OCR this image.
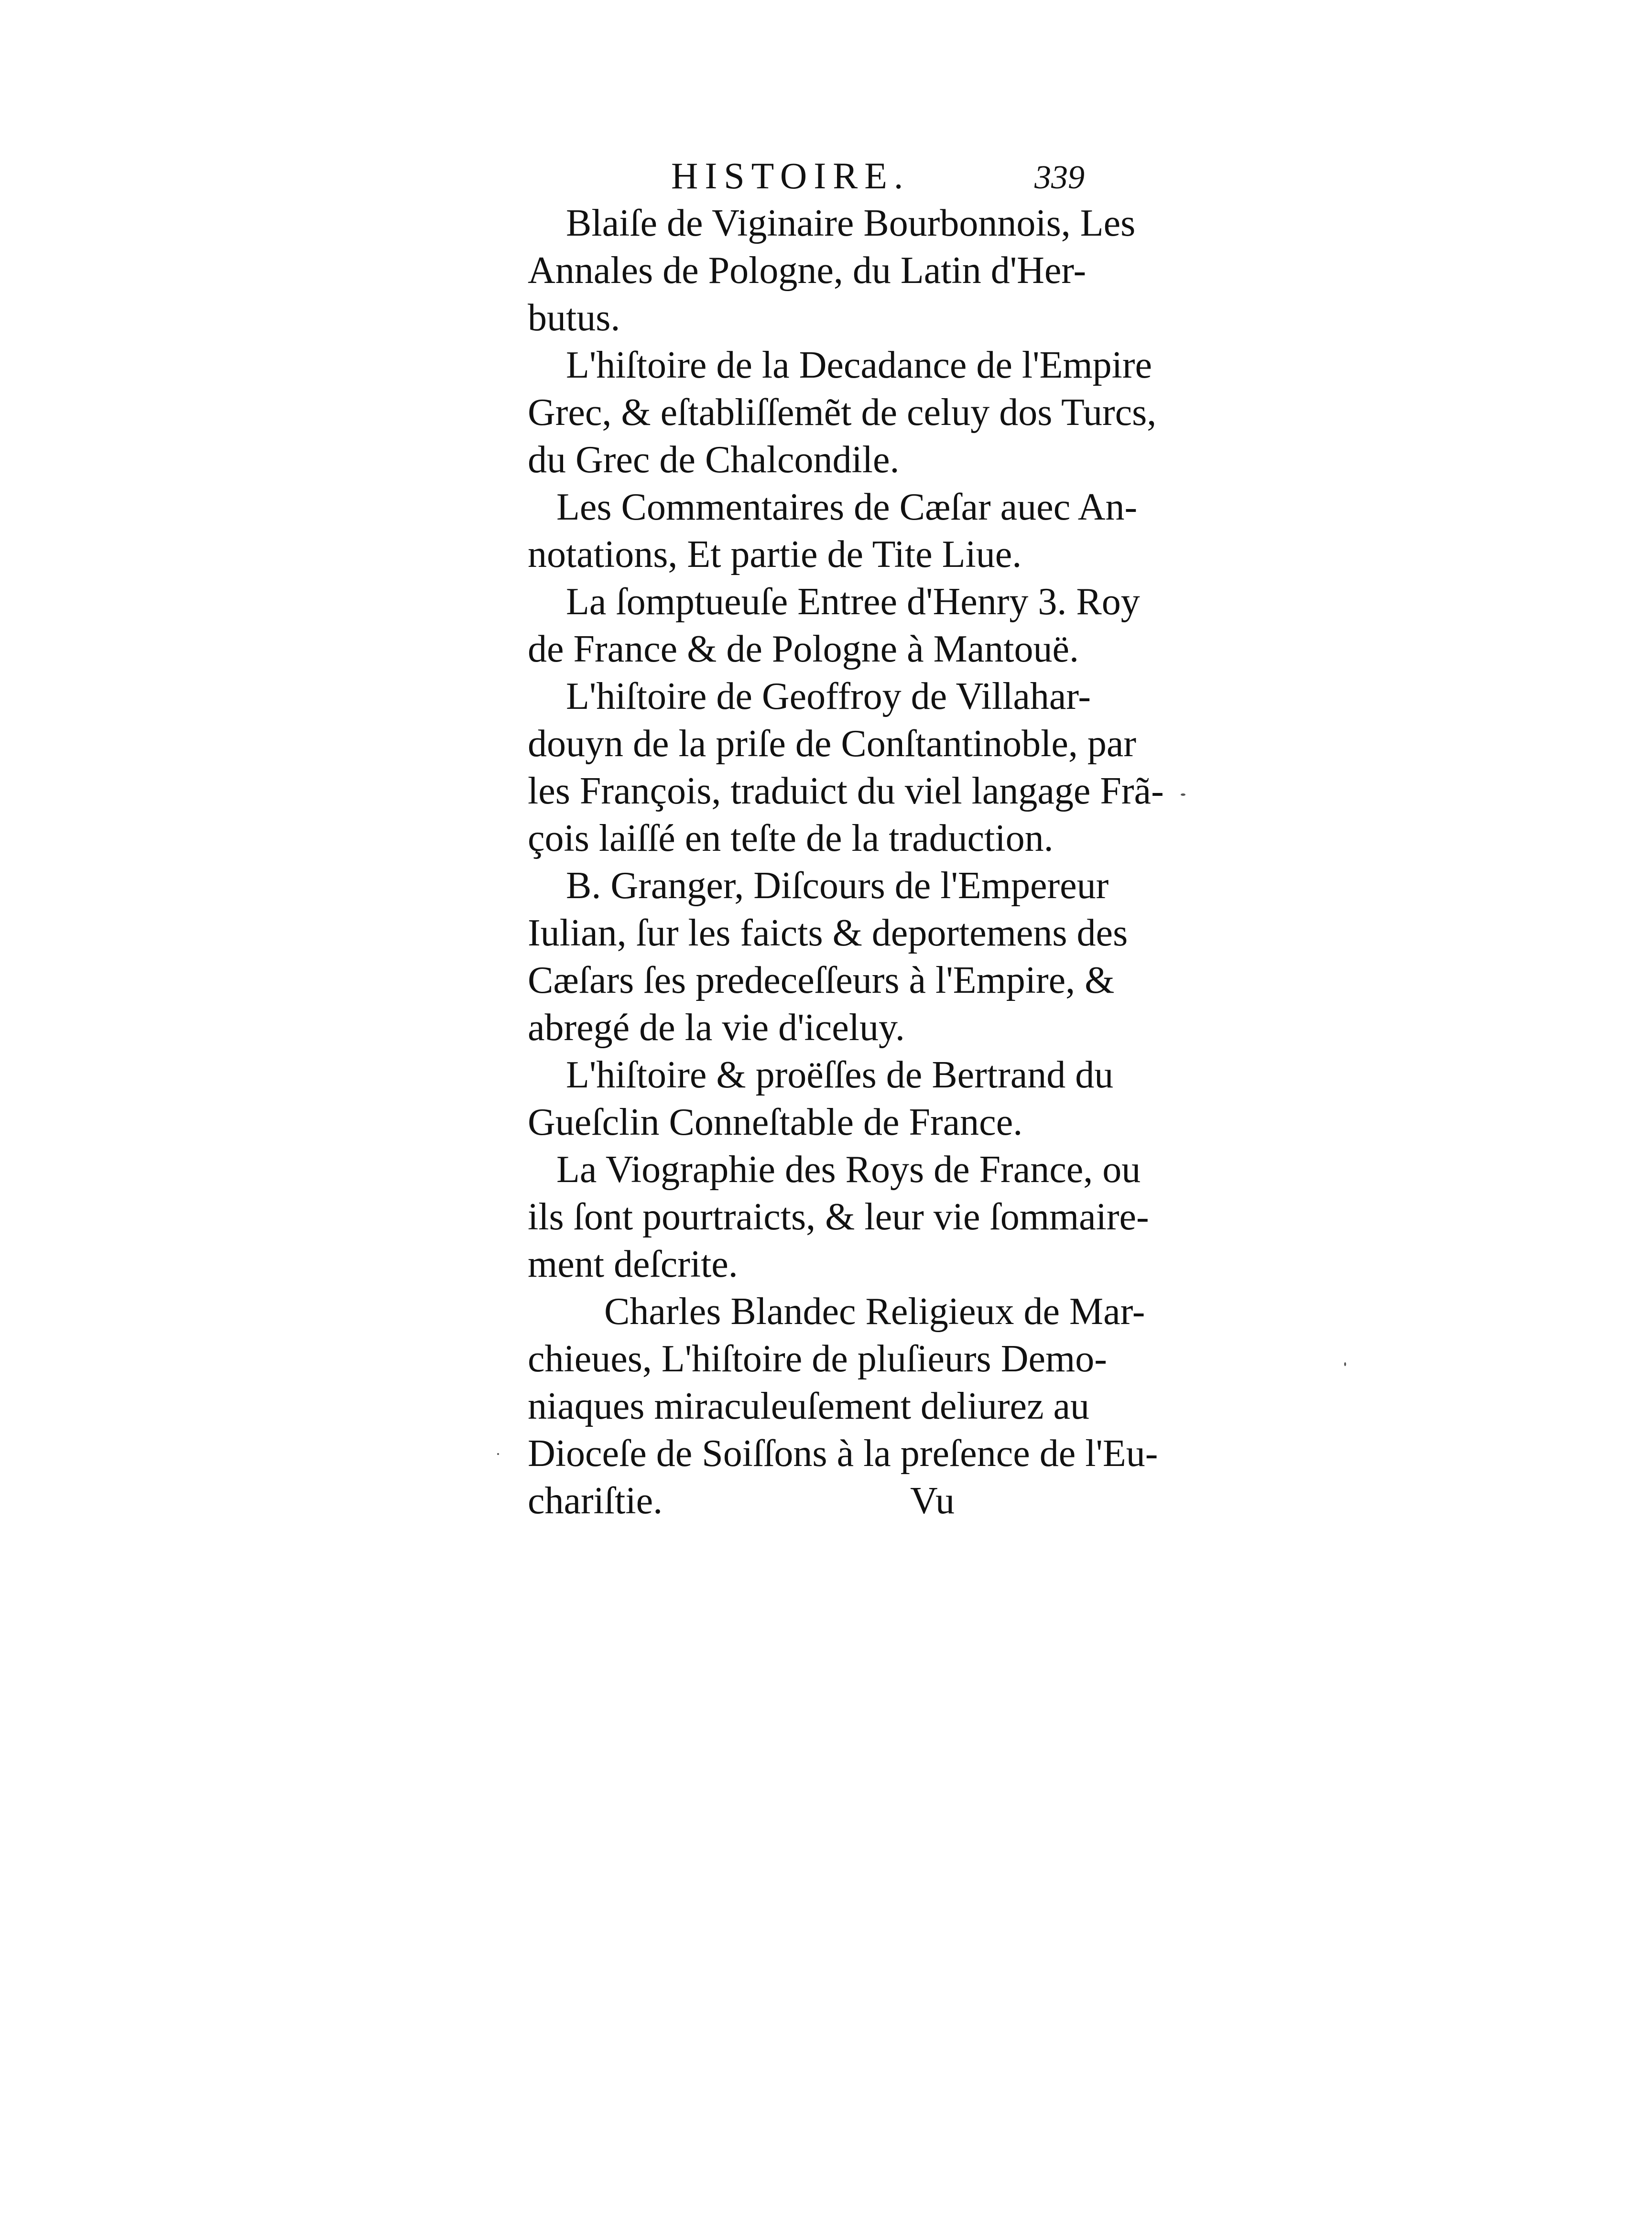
HISTOIRE.	339

Blaiſe de Viginaire Bourbonnois, Les
Annales de Pologne, du Latin d'Her-
butus.

L'hiſtoire de la Decadance de l'Empire
Grec, & eſtabliſſemẽt de celuy dos Turcs,
du Grec de Chalcondile.

Les Commentaires de Cæſar auec An-
notations, Et partie de Tite Liue.

La ſomptueuſe Entree d'Henry 3. Roy
de France & de Pologne à Mantouë.

L'hiſtoire de Geoffroy de Villahar-
douyn de la priſe de Conſtantinoble, par
les François, traduict du viel langage Frã-
çois laiſſé en teſte de la traduction.

B. Granger, Diſcours de l'Empereur
Iulian, ſur les faicts & deportemens des
Cæſars ſes predeceſſeurs à l'Empire, &
abregé de la vie d'iceluy.

L'hiſtoire & proëſſes de Bertrand du
Gueſclin Conneſtable de France.

La Viographie des Roys de France, ou
ils ſont pourtraicts, & leur vie ſommaire-
ment deſcrite.

Charles Blandec Religieux de Mar-
chieues, L'hiſtoire de pluſieurs Demo-
niaques miraculeuſement deliurez au
Dioceſe de Soiſſons à la preſence de l'Eu-
chariſtie.	Vu
